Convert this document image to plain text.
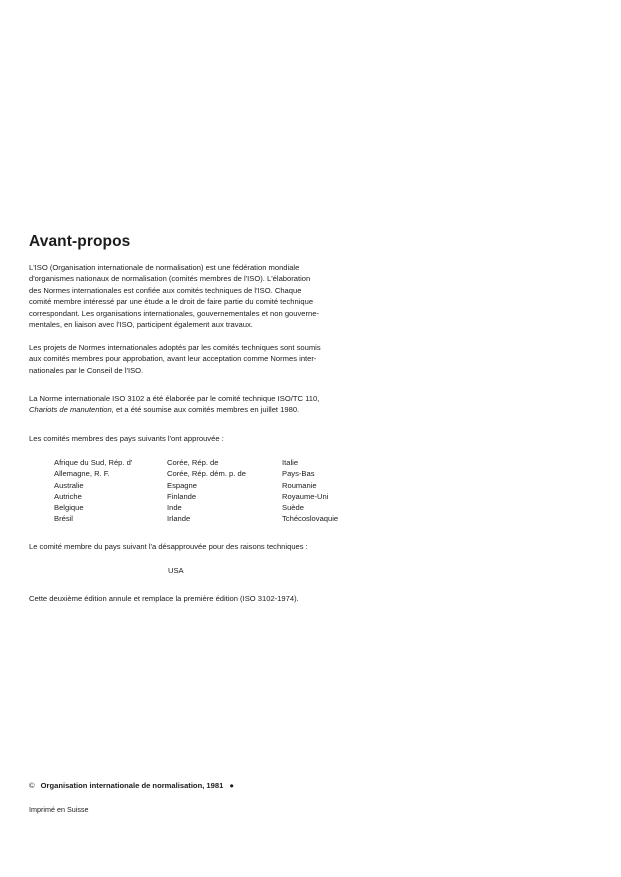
Avant-propos
L'ISO (Organisation internationale de normalisation) est une fédération mondiale
d'organismes nationaux de normalisation (comités membres de l'ISO). L'élaboration
des Normes internationales est confiée aux comités techniques de l'ISO. Chaque
comité membre intéressé par une étude a le droit de faire partie du comité technique
correspondant. Les organisations internationales, gouvernementales et non gouverne-
mentales, en liaison avec l'ISO, participent également aux travaux.
Les projets de Normes internationales adoptés par les comités techniques sont soumis
aux comités membres pour approbation, avant leur acceptation comme Normes inter-
nationales par le Conseil de l'ISO.
La Norme internationale ISO 3102 a été élaborée par le comité technique ISO/TC 110,
Chariots de manutention, et a été soumise aux comités membres en juillet 1980.
Les comités membres des pays suivants l'ont approuvée :
Afrique du Sud, Rép. d'
Allemagne, R. F.
Australie
Autriche
Belgique
Brésil
Corée, Rép. de
Corée, Rép. dém. p. de
Espagne
Finlande
Inde
Irlande
Italie
Pays-Bas
Roumanie
Royaume-Uni
Suède
Tchécoslovaquie
Le comité membre du pays suivant l'a désapprouvée pour des raisons techniques :
USA
Cette deuxième édition annule et remplace la première édition (ISO 3102-1974).
© Organisation internationale de normalisation, 1981 ●
Imprimé en Suisse
